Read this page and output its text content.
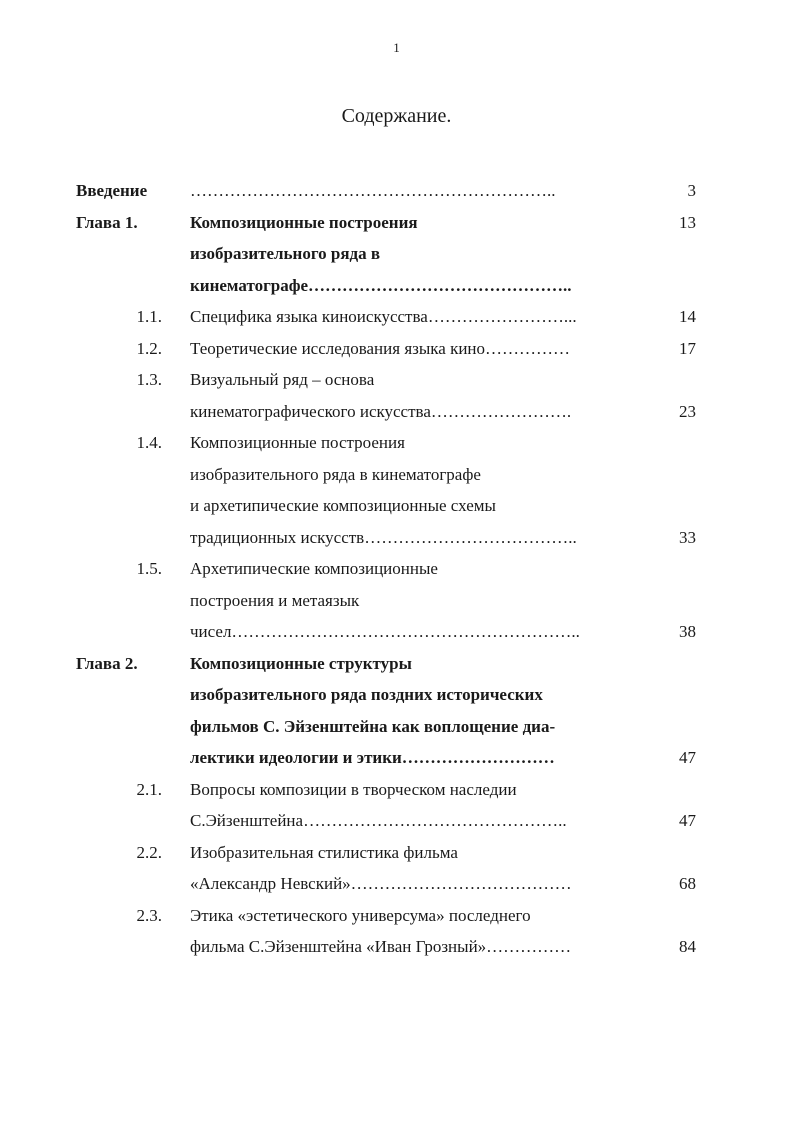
1
Содержание.
Введение	………………………………………………………..	3
Глава 1.	Композиционные построения	13
изобразительного ряда в
кинематографе………………………………………..
1.1.	Специфика языка киноискусства……………………...	14
1.2.	Теоретические исследования языка кино……………	17
1.3.	Визуальный ряд – основа
кинематографического искусства…………………….	23
1.4.	Композиционные построения
изобразительного ряда в кинематографе
и архетипические композиционные схемы
традиционных искусств………………………………..	33
1.5.	Архетипические композиционные
построения и метаязык
чисел……………………………………………………..	38
Глава 2.	Композиционные структуры
изобразительного ряда поздних исторических
фильмов С. Эйзенштейна как воплощение диа-
лектики идеологии и этики………………………	47
2.1.	Вопросы композиции в творческом наследии
С.Эйзенштейна………………………………………..	47
2.2.	Изобразительная стилистика фильма
«Александр Невский»…………………………………	68
2.3.	Этика «эстетического универсума» последнего
фильма С.Эйзенштейна «Иван Грозный»……………	84
